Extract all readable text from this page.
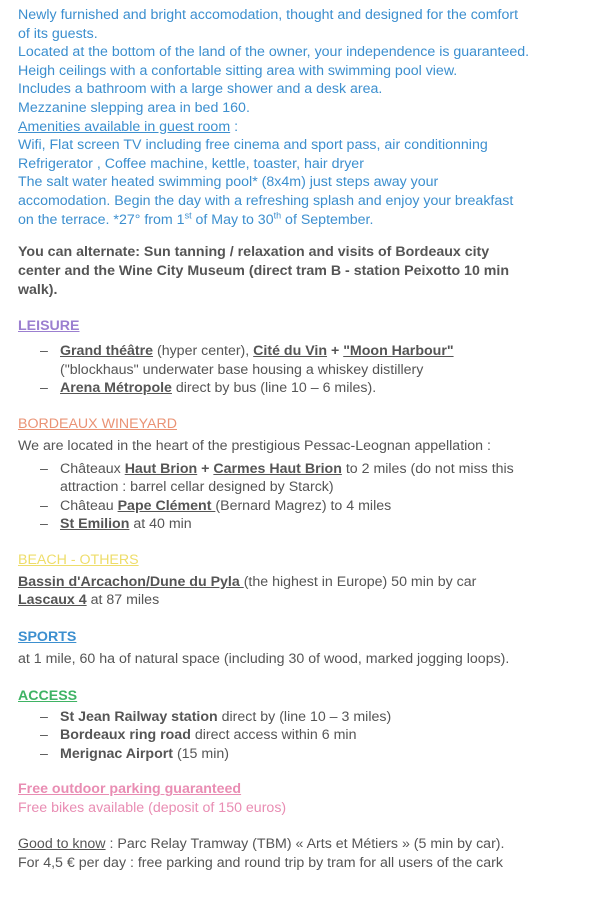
Newly furnished and bright accomodation, thought and designed for the comfort

of its guests.

Located at the bottom of the land of the owner, your independence is guaranteed.

Heigh ceilings with a confortable sitting area with swimming pool view.

Includes a bathroom with a large shower and a desk area.

Mezzanine slepping area in bed 160.

Amenities available in guest room :

Wifi, Flat screen TV including free cinema and sport pass, air conditionning

Refrigerator , Coffee machine, kettle, toaster, hair dryer

The salt water heated swimming pool* (8x4m) just steps away your

accomodation. Begin the day with a refreshing splash and enjoy your breakfast

on the terrace. *27° from 1st of May to 30th of September.

You can alternate: Sun tanning / relaxation and visits of Bordeaux city

center and the Wine City Museum (direct tram B - station Peixotto 10 min

walk).

LEISURE

– Grand théâtre (hyper center), Cité du Vin + "Moon Harbour"
("blockhaus" underwater base housing a whiskey distillery
– Arena Métropole direct by bus (line 10 – 6 miles).

BORDEAUX WINEYARD

We are located in the heart of the prestigious Pessac-Leognan appellation :

– Châteaux Haut Brion + Carmes Haut Brion to 2 miles (do not miss this
attraction : barrel cellar designed by Starck)
– Château Pape Clément (Bernard Magrez) to 4 miles
– St Emilion at 40 min

BEACH - OTHERS

Bassin d'Arcachon/Dune du Pyla (the highest in Europe) 50 min by car

Lascaux 4 at 87 miles

SPORTS

at 1 mile, 60 ha of natural space (including 30 of wood, marked jogging loops).

ACCESS

– St Jean Railway station direct by (line 10 – 3 miles)
– Bordeaux ring road direct access within 6 min
– Merignac Airport (15 min)

Free outdoor parking guaranteed

Free bikes available (deposit of 150 euros)

Good to know : Parc Relay Tramway (TBM) « Arts et Métiers » (5 min by car).

For 4,5 € per day : free parking and round trip by tram for all users of the cark
